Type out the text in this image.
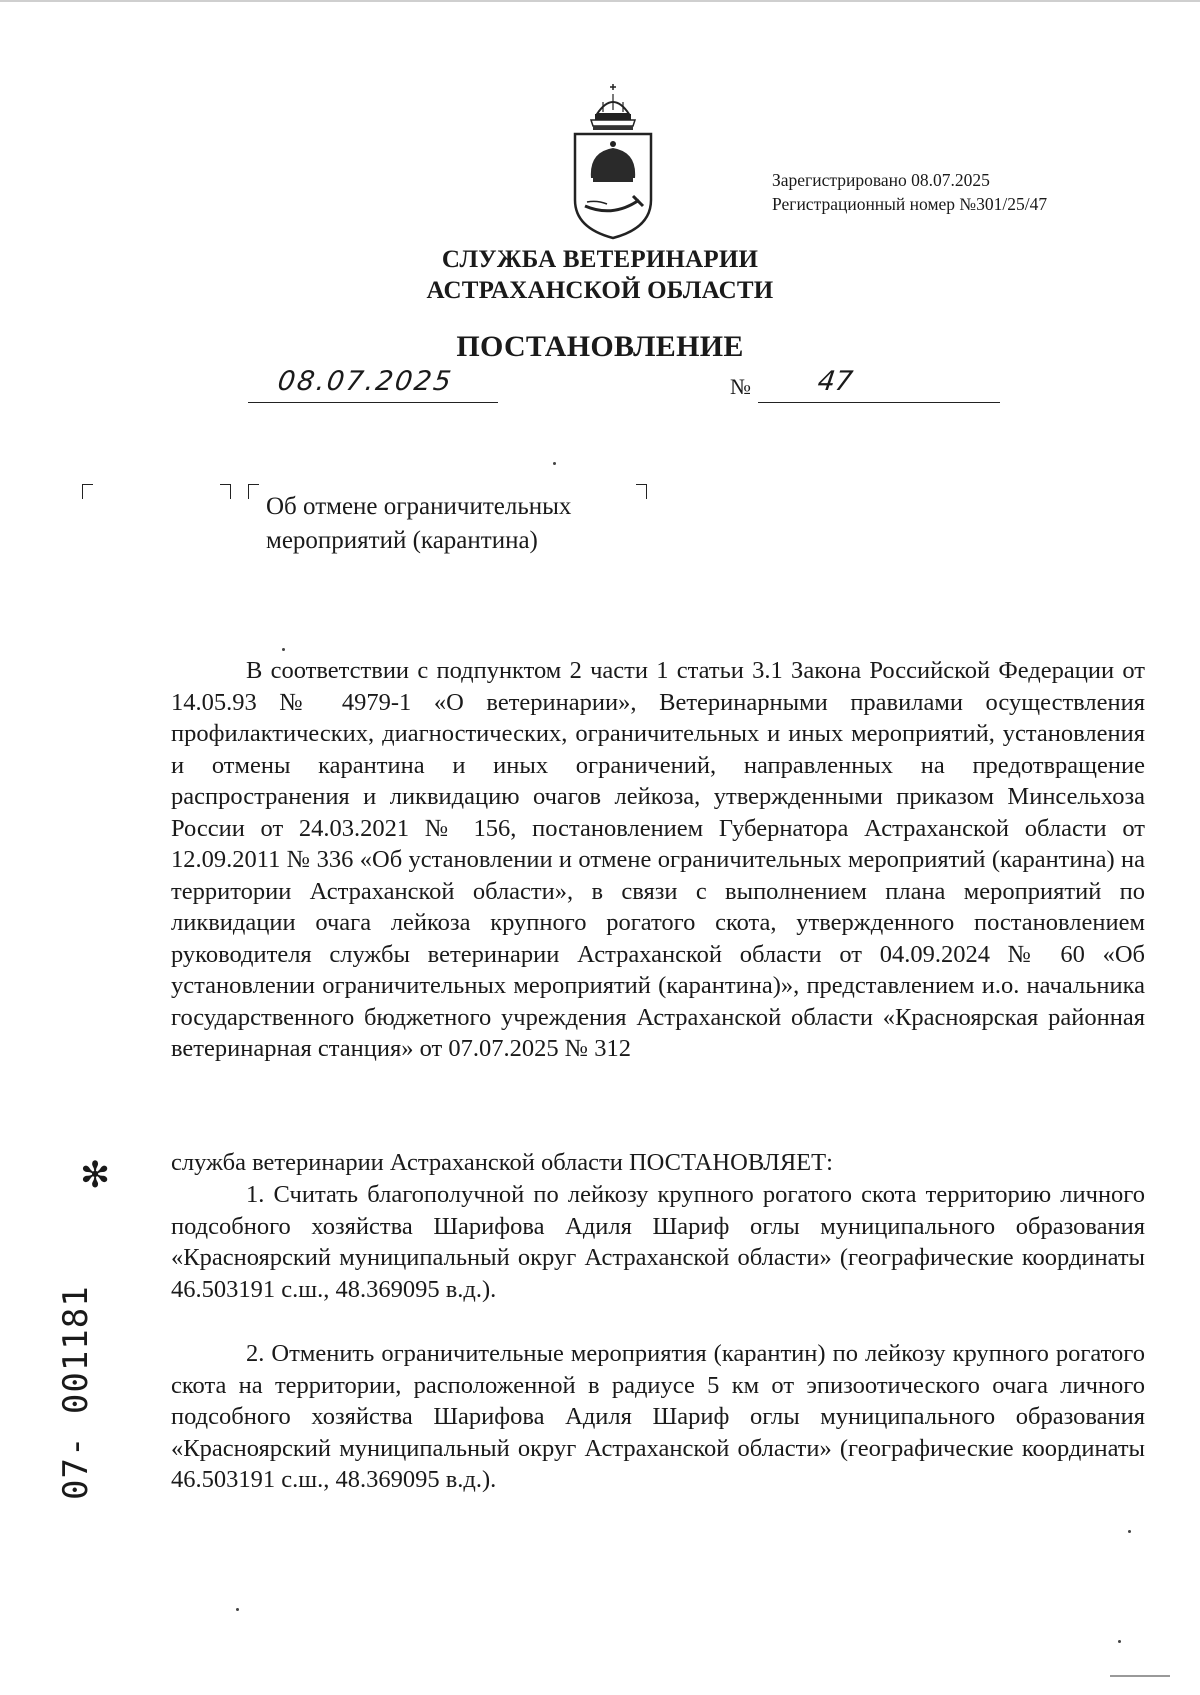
Зарегистрировано 08.07.2025
Регистрационный номер №301/25/47
СЛУЖБА ВЕТЕРИНАРИИ
АСТРАХАНСКОЙ ОБЛАСТИ
ПОСТАНОВЛЕНИЕ
08.07.2025	№ 47
Об отмене ограничительных
мероприятий (карантина)

В соответствии с подпунктом 2 части 1 статьи 3.1 Закона Российской Федерации от 14.05.93 № 4979-1 «О ветеринарии», Ветеринарными правилами осуществления профилактических, диагностических, ограничительных и иных мероприятий, установления и отмены карантина и иных ограничений, направленных на предотвращение распространения и ликвидацию очагов лейкоза, утвержденными приказом Минсельхоза России от 24.03.2021 № 156, постановлением Губернатора Астраханской области от 12.09.2011 № 336 «Об установлении и отмене ограничительных мероприятий (карантина) на территории Астраханской области», в связи с выполнением плана мероприятий по ликвидации очага лейкоза крупного рогатого скота, утвержденного постановлением руководителя службы ветеринарии Астраханской области от 04.09.2024 № 60 «Об установлении ограничительных мероприятий (карантина)», представлением и.о. начальника государственного бюджетного учреждения Астраханской области «Красноярская районная ветеринарная станция» от 07.07.2025 № 312

служба ветеринарии Астраханской области ПОСТАНОВЛЯЕТ:

1. Считать благополучной по лейкозу крупного рогатого скота территорию личного подсобного хозяйства Шарифова Адиля Шариф оглы муниципального образования «Красноярский муниципальный округ Астраханской области» (географические координаты 46.503191 с.ш., 48.369095 в.д.).

2. Отменить ограничительные мероприятия (карантин) по лейкозу крупного рогатого скота на территории, расположенной в радиусе 5 км от эпизоотического очага личного подсобного хозяйства Шарифова Адиля Шариф оглы муниципального образования «Красноярский муниципальный округ Астраханской области» (географические координаты 46.503191 с.ш., 48.369095 в.д.).

✻
07- 001181
